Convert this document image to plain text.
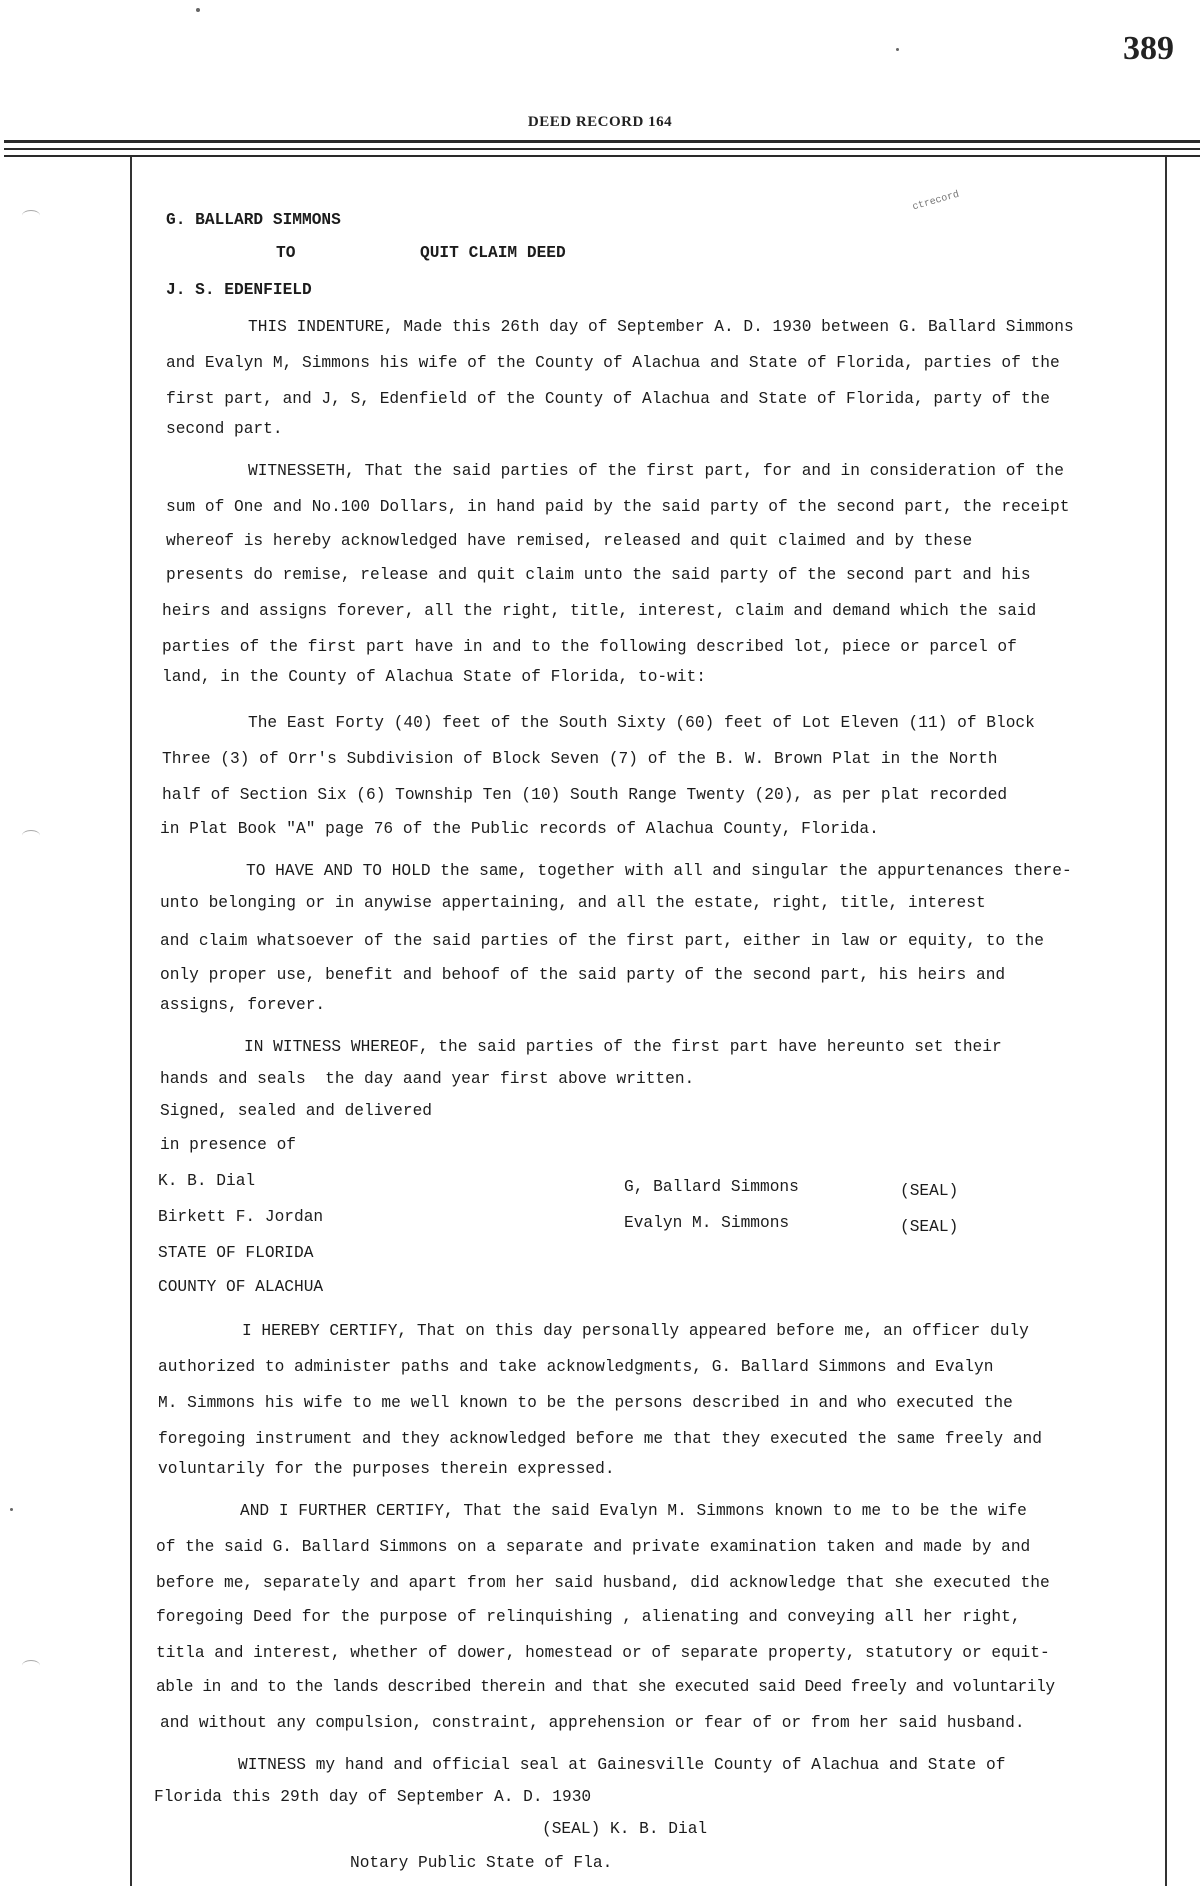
389
DEED RECORD 164
ctrecord
G. BALLARD SIMMONS
TO	QUIT CLAIM DEED
J. S. EDENFIELD
THIS INDENTURE, Made this 26th day of September A. D. 1930 between G. Ballard Simmons
and Evalyn M, Simmons his wife of the County of Alachua and State of Florida, parties of the
first part, and J, S, Edenfield of the County of Alachua and State of Florida, party of the
second part.
WITNESSETH, That the said parties of the first part, for and in consideration of the
sum of One and No.100 Dollars, in hand paid by the said party of the second part, the receipt
whereof is hereby acknowledged have remised, released and quit claimed and by these
presents do remise, release and quit claim unto the said party of the second part and his
heirs and assigns forever, all the right, title, interest, claim and demand which the said
parties of the first part have in and to the following described lot, piece or parcel of
land, in the County of Alachua State of Florida, to-wit:
The East Forty (40) feet of the South Sixty (60) feet of Lot Eleven (11) of Block
Three (3) of Orr's Subdivision of Block Seven (7) of the B. W. Brown Plat in the North
half of Section Six (6) Township Ten (10) South Range Twenty (20), as per plat recorded
in Plat Book "A" page 76 of the Public records of Alachua County, Florida.
TO HAVE AND TO HOLD the same, together with all and singular the appurtenances there-
unto belonging or in anywise appertaining, and all the estate, right, title, interest
and claim whatsoever of the said parties of the first part, either in law or equity, to the
only proper use, benefit and behoof of the said party of the second part, his heirs and
assigns, forever.
IN WITNESS WHEREOF, the said parties of the first part have hereunto set their
hands and seals  the day aand year first above written.
Signed, sealed and delivered
in presence of
K. B. Dial
Birkett F. Jordan
G, Ballard Simmons
Evalyn M. Simmons
(SEAL)
(SEAL)
STATE OF FLORIDA
COUNTY OF ALACHUA
I HEREBY CERTIFY, That on this day personally appeared before me, an officer duly
authorized to administer paths and take acknowledgments, G. Ballard Simmons and Evalyn
M. Simmons his wife to me well known to be the persons described in and who executed the
foregoing instrument and they acknowledged before me that they executed the same freely and
voluntarily for the purposes therein expressed.
AND I FURTHER CERTIFY, That the said Evalyn M. Simmons known to me to be the wife
of the said G. Ballard Simmons on a separate and private examination taken and made by and
before me, separately and apart from her said husband, did acknowledge that she executed the
foregoing Deed for the purpose of relinquishing , alienating and conveying all her right,
titla and interest, whether of dower, homestead or of separate property, statutory or equit-
able in and to the lands described therein and that she executed said Deed freely and voluntarily
and without any compulsion, constraint, apprehension or fear of or from her said husband.
WITNESS my hand and official seal at Gainesville County of Alachua and State of
Florida this 29th day of September A. D. 1930
(SEAL) K. B. Dial
Notary Public State of Fla.
